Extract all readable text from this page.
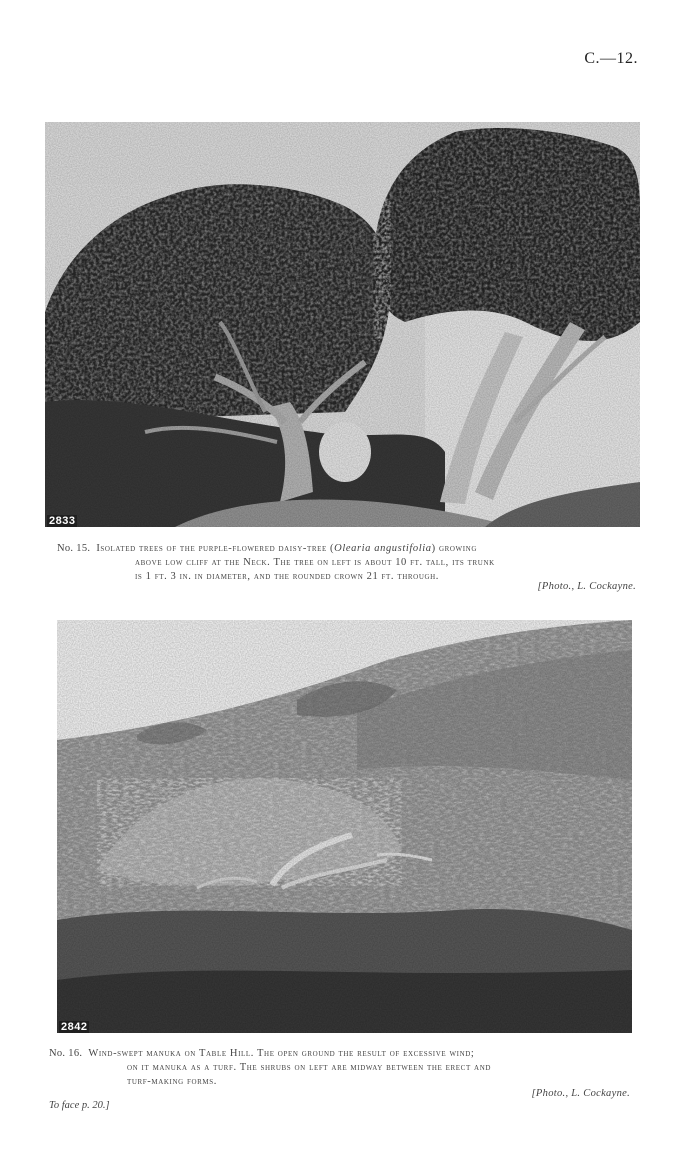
C.—12.
2833
No. 15. Isolated trees of the purple-flowered daisy-tree (Olearia angustifolia) growing
above low cliff at the Neck. The tree on left is about 10 ft. tall, its trunk
is 1 ft. 3 in. in diameter, and the rounded crown 21 ft. through.
[Photo., L. Cockayne.
2842
No. 16. Wind-swept manuka on Table Hill. The open ground the result of excessive wind;
on it manuka as a turf. The shrubs on left are midway between the erect and
turf-making forms.
[Photo., L. Cockayne.
To face p. 20.]
